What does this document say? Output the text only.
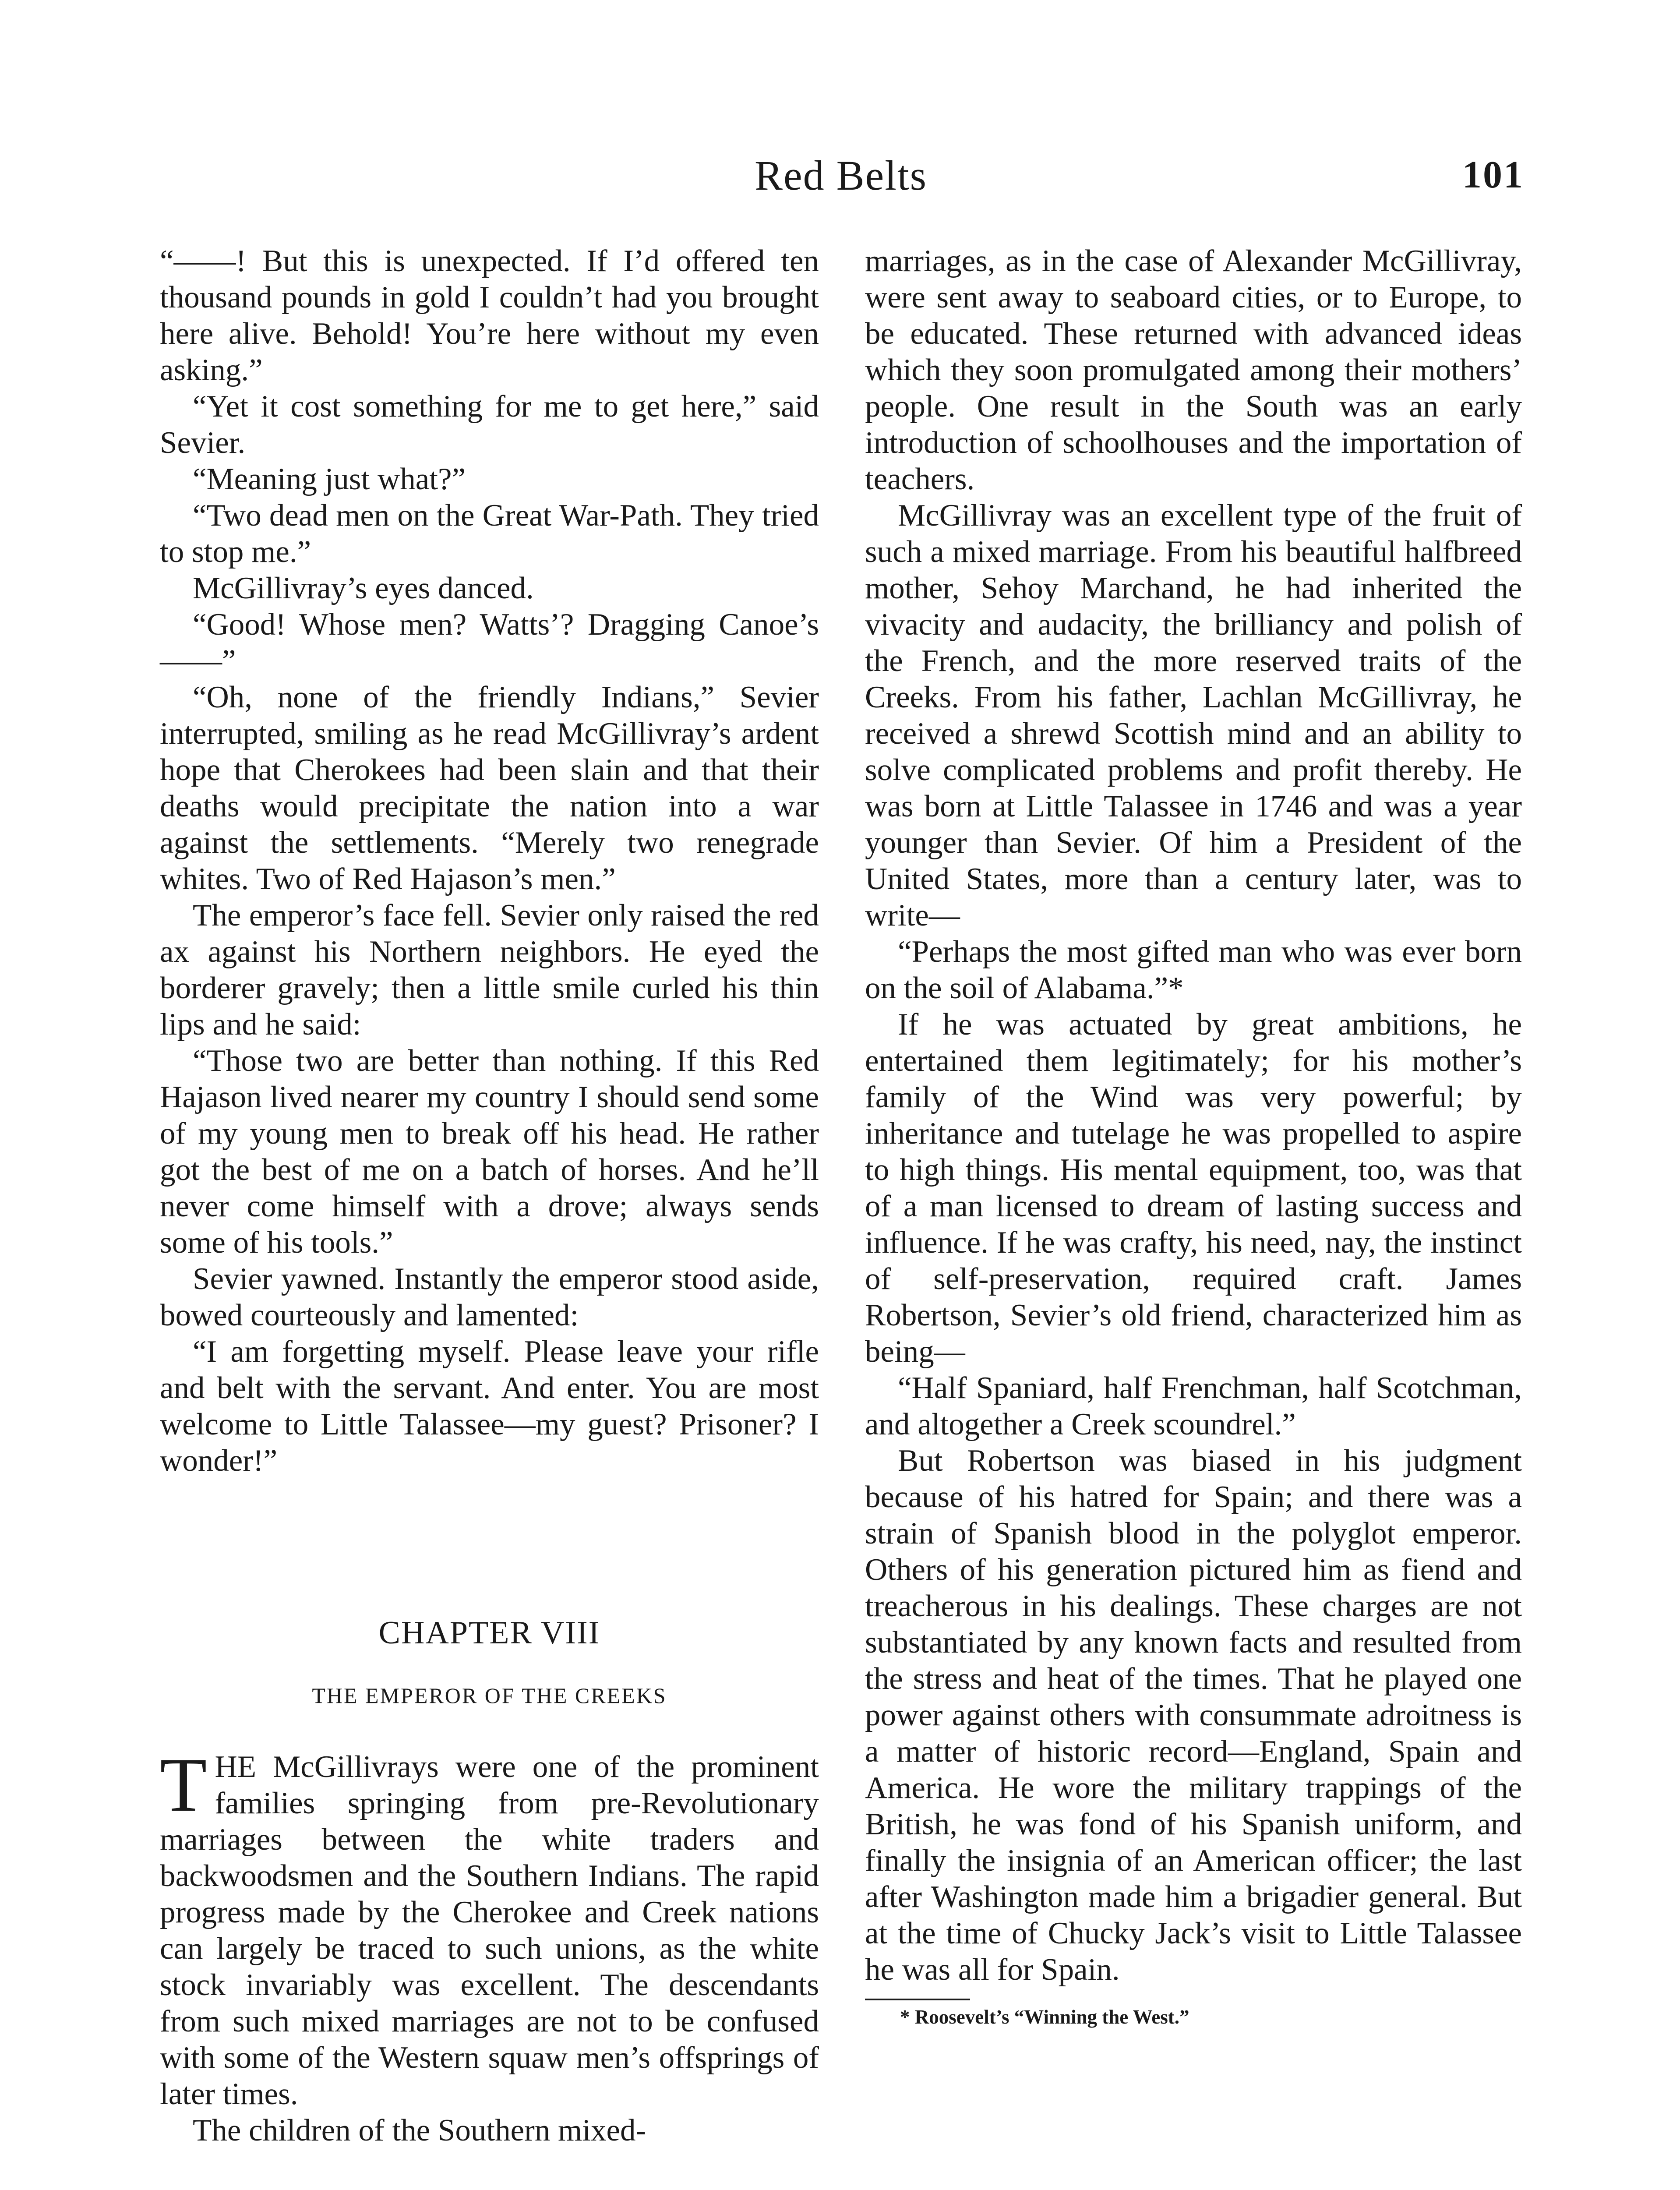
Red Belts	101

“——! But this is unexpected. If I’d offered ten thousand pounds in gold I couldn’t had you brought here alive. Behold! You’re here without my even asking.”

“Yet it cost something for me to get here,” said Sevier.

“Meaning just what?”

“Two dead men on the Great War-Path. They tried to stop me.”

McGillivray’s eyes danced.

“Good! Whose men? Watts’? Dragging Canoe’s——”

“Oh, none of the friendly Indians,” Sevier interrupted, smiling as he read McGillivray’s ardent hope that Cherokees had been slain and that their deaths would precipitate the nation into a war against the settlements. “Merely two renegrade whites. Two of Red Hajason’s men.”

The emperor’s face fell. Sevier only raised the red ax against his Northern neighbors. He eyed the borderer gravely; then a little smile curled his thin lips and he said:

“Those two are better than nothing. If this Red Hajason lived nearer my country I should send some of my young men to break off his head. He rather got the best of me on a batch of horses. And he’ll never come himself with a drove; always sends some of his tools.”

Sevier yawned. Instantly the emperor stood aside, bowed courteously and lamented:

“I am forgetting myself. Please leave your rifle and belt with the servant. And enter. You are most welcome to Little Talassee—my guest? Prisoner? I wonder!”

CHAPTER VIII
THE EMPEROR OF THE CREEKS

THE McGillivrays were one of the prominent families springing from pre-Revolutionary marriages between the white traders and backwoodsmen and the Southern Indians. The rapid progress made by the Cherokee and Creek nations can largely be traced to such unions, as the white stock invariably was excellent. The descendants from such mixed marriages are not to be confused with some of the Western squaw men’s offsprings of later times.

The children of the Southern mixed-

marriages, as in the case of Alexander McGillivray, were sent away to seaboard cities, or to Europe, to be educated. These returned with advanced ideas which they soon promulgated among their mothers’ people. One result in the South was an early introduction of schoolhouses and the importation of teachers.

McGillivray was an excellent type of the fruit of such a mixed marriage. From his beautiful halfbreed mother, Sehoy Marchand, he had inherited the vivacity and audacity, the brilliancy and polish of the French, and the more reserved traits of the Creeks. From his father, Lachlan McGillivray, he received a shrewd Scottish mind and an ability to solve complicated problems and profit thereby. He was born at Little Talassee in 1746 and was a year younger than Sevier. Of him a President of the United States, more than a century later, was to write—

“Perhaps the most gifted man who was ever born on the soil of Alabama.”*

If he was actuated by great ambitions, he entertained them legitimately; for his mother’s family of the Wind was very powerful; by inheritance and tutelage he was propelled to aspire to high things. His mental equipment, too, was that of a man licensed to dream of lasting success and influence. If he was crafty, his need, nay, the instinct of self-preservation, required craft. James Robertson, Sevier’s old friend, characterized him as being—

“Half Spaniard, half Frenchman, half Scotchman, and altogether a Creek scoundrel.”

But Robertson was biased in his judgment because of his hatred for Spain; and there was a strain of Spanish blood in the polyglot emperor. Others of his generation pictured him as fiend and treacherous in his dealings. These charges are not substantiated by any known facts and resulted from the stress and heat of the times. That he played one power against others with consummate adroitness is a matter of historic record—England, Spain and America. He wore the military trappings of the British, he was fond of his Spanish uniform, and finally the insignia of an American officer; the last after Washington made him a brigadier general. But at the time of Chucky Jack’s visit to Little Talassee he was all for Spain.

* Roosevelt’s “Winning the West.”
